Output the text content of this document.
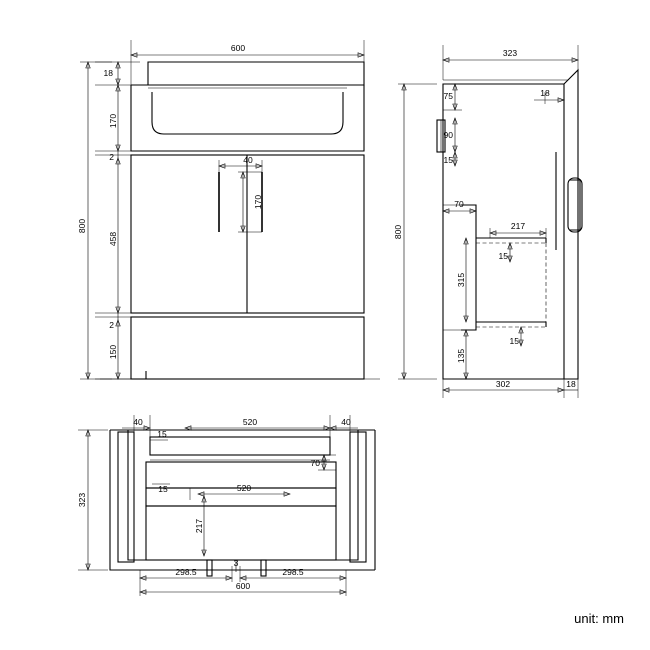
600
18
170
2
458
2
150
800
40
170
323
75
90
15
18
70
217
15
315
15
135
800
302	18
40	520	40
15
70
15	520
217
323
298.5
3
298.5
600
unit: mm
